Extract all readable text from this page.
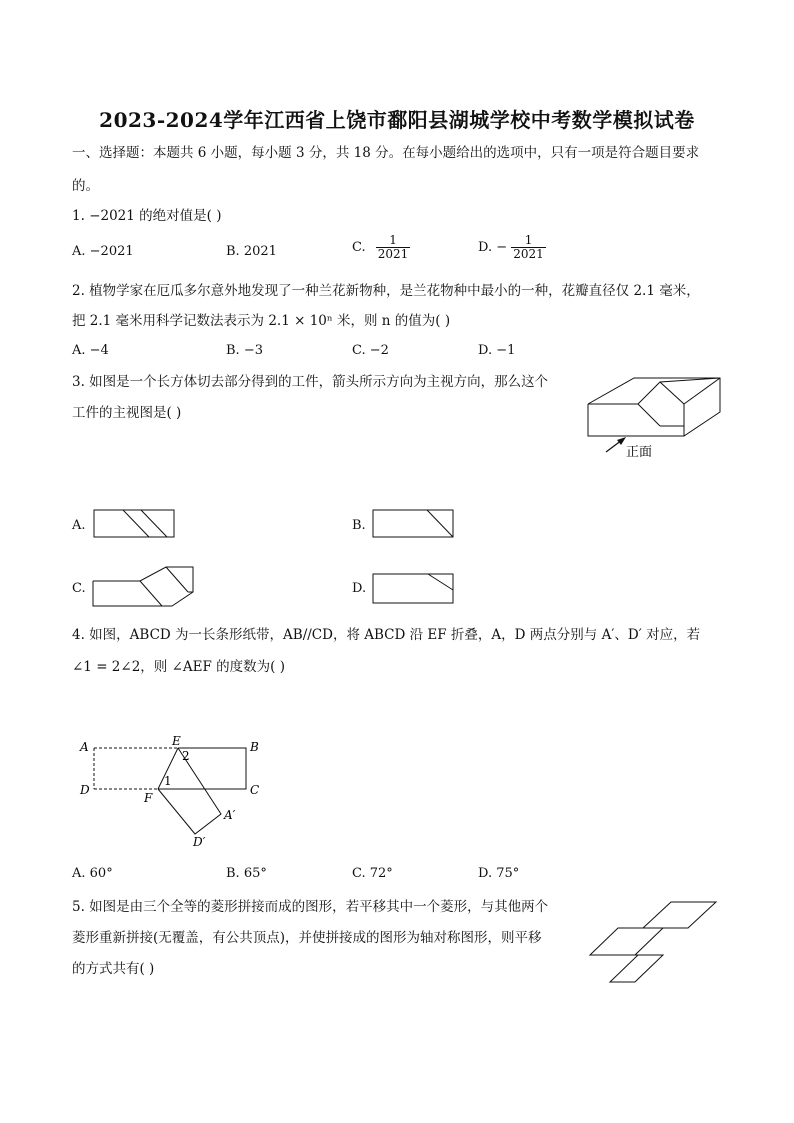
2023-2024学年江西省上饶市鄱阳县湖城学校中考数学模拟试卷
一、选择题：本题共 6 小题，每小题 3 分，共 18 分。在每小题给出的选项中，只有一项是符合题目要求
的。
1. −2021 的绝对值是( )
A. −2021	B. 2021	C. $\frac{1}{2021}$	D. − $\frac{1}{2021}$
2. 植物学家在厄瓜多尔意外地发现了一种兰花新物种，是兰花物种中最小的一种，花瓣直径仅 2.1 毫米，
把 2.1 毫米用科学记数法表示为 2.1 × 10ⁿ 米，则 n 的值为( )
A. −4	B. −3	C. −2	D. −1
3. 如图是一个长方体切去部分得到的工件，箭头所示方向为主视方向，那么这个
工件的主视图是( )
正面
A.	B.
C.	D.
4. 如图，ABCD 为一长条形纸带，AB//CD，将 ABCD 沿 EF 折叠，A，D 两点分别与 A′、D′ 对应，若
∠1 = 2∠2，则 ∠AEF 的度数为( )
A	E
2
B
D
1
C
F
A′
D′
A. 60°	B. 65°	C. 72°	D. 75°
5. 如图是由三个全等的菱形拼接而成的图形，若平移其中一个菱形，与其他两个
菱形重新拼接(无覆盖，有公共顶点)，并使拼接成的图形为轴对称图形，则平移
的方式共有( )
